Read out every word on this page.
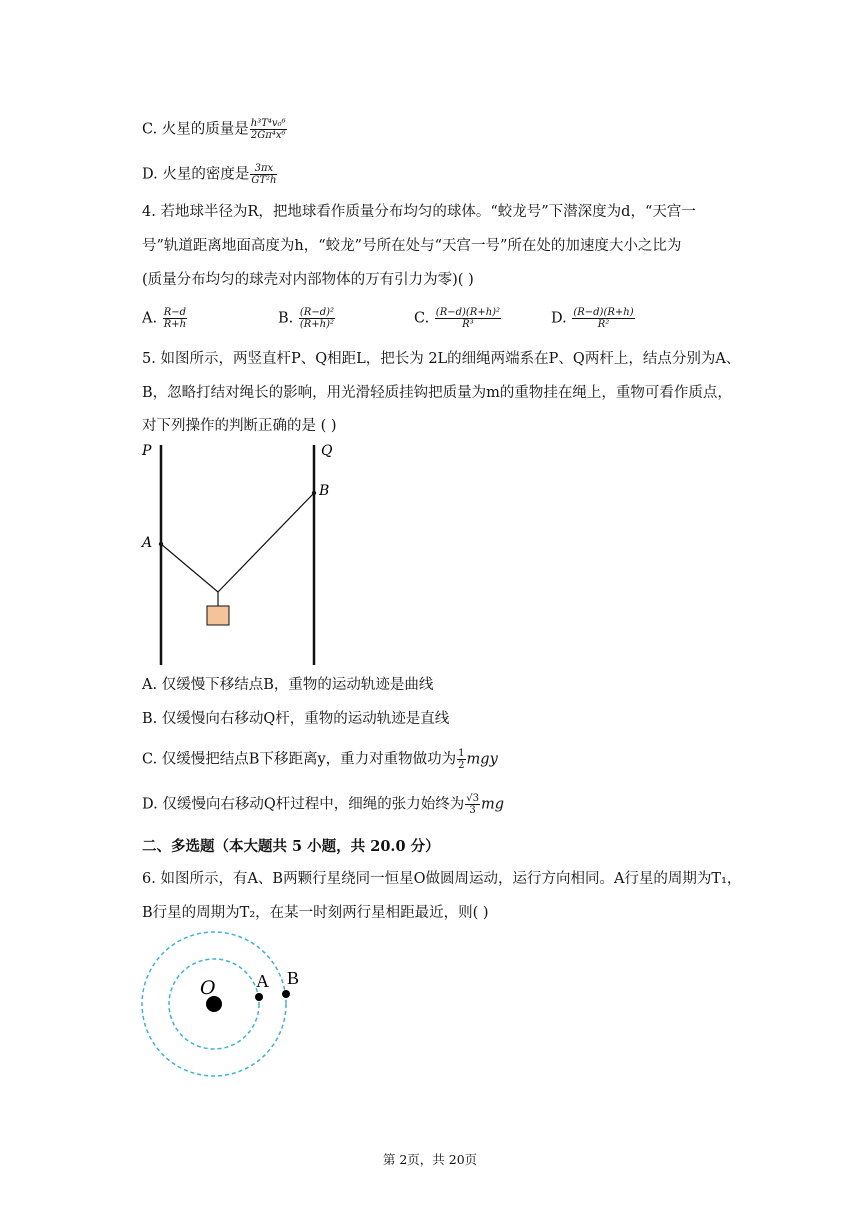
C. 火星的质量是 $\frac{\text{h³T⁴v₀⁶}}{\text{2Gπ⁴x⁶}}$
D. 火星的密度是 $\frac{3\pi x}{\text{GT²h}}$
4. 若地球半径为R，把地球看作质量分布均匀的球体。“蛟龙号”下潜深度为d，“天宫一
号”轨道距离地面高度为h，“蛟龙”号所在处与“天宫一号”所在处的加速度大小之比为
(质量分布均匀的球壳对内部物体的万有引力为零)( )
A. $\frac{R-d}{R+h}$	B. $\frac{\text{(R−d)²}}{\text{(R+h)²}}$	C. $\frac{\text{(R−d)(R+h)²}}{\text{R³}}$	D. $\frac{(R-d)(R+h)}{\text{R²}}$
5. 如图所示，两竖直杆P、Q相距L，把长为 2L的细绳两端系在P、Q两杆上，结点分别为A、
B，忽略打结对绳长的影响，用光滑轻质挂钩把质量为m的重物挂在绳上，重物可看作质点，
对下列操作的判断正确的是 ( )
P	Q
A
B
A. 仅缓慢下移结点B，重物的运动轨迹是曲线
B. 仅缓慢向右移动Q杆，重物的运动轨迹是直线
C. 仅缓慢把结点B下移距离y，重力对重物做功为 $\frac{1}{2}$ mgy
D. 仅缓慢向右移动Q杆过程中，细绳的张力始终为 $\frac{√3}{3}$ mg
二、多选题（本大题共 5 小题，共 20.0 分）
6. 如图所示，有A、B两颗行星绕同一恒星O做圆周运动，运行方向相同。A行星的周期为T₁，
B行星的周期为T₂，在某一时刻两行星相距最近，则( )
O A B
第 2页，共 20页
